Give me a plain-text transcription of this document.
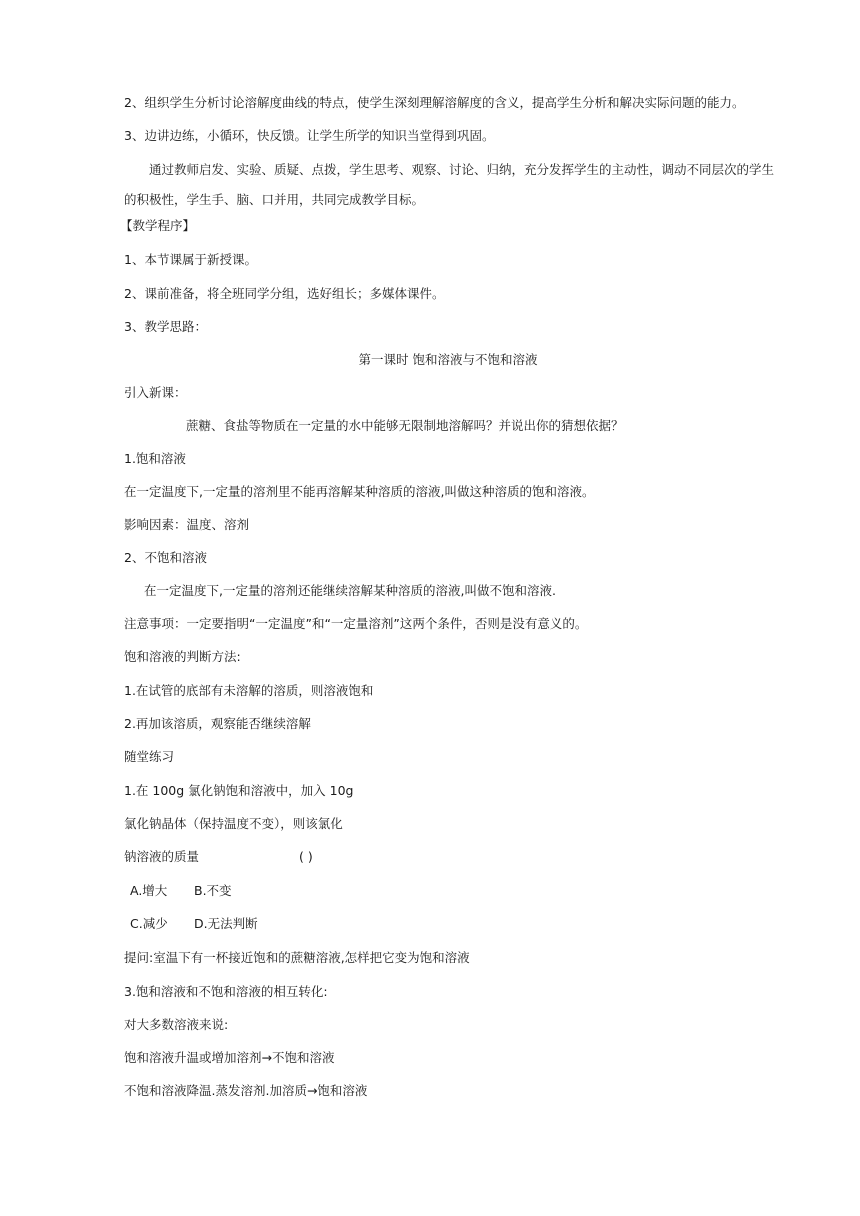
2、组织学生分析讨论溶解度曲线的特点，使学生深刻理解溶解度的含义，提高学生分析和解决实际问题的能力。

3、边讲边练，小循环，快反馈。让学生所学的知识当堂得到巩固。

通过教师启发、实验、质疑、点拨，学生思考、观察、讨论、归纳，充分发挥学生的主动性，调动不同层次的学生的积极性，学生手、脑、口并用，共同完成教学目标。

【教学程序】

1、本节课属于新授课。

2、课前准备，将全班同学分组，选好组长；多媒体课件。

3、教学思路：

第一课时 饱和溶液与不饱和溶液

引入新课：

蔗糖、食盐等物质在一定量的水中能够无限制地溶解吗？并说出你的猜想依据？

1.饱和溶液

在一定温度下,一定量的溶剂里不能再溶解某种溶质的溶液,叫做这种溶质的饱和溶液。

影响因素：温度、溶剂

2、不饱和溶液

在一定温度下,一定量的溶剂还能继续溶解某种溶质的溶液,叫做不饱和溶液.

注意事项：一定要指明“一定温度”和“一定量溶剂”这两个条件，否则是没有意义的。

饱和溶液的判断方法:

1.在试管的底部有未溶解的溶质，则溶液饱和

2.再加该溶质，观察能否继续溶解

随堂练习

1.在 100g 氯化钠饱和溶液中，加入 10g

氯化钠晶体（保持温度不变），则该氯化

钠溶液的质量	( )

A.增大 B.不变

C.减少 D.无法判断

提问:室温下有一杯接近饱和的蔗糖溶液,怎样把它变为饱和溶液

3.饱和溶液和不饱和溶液的相互转化:

对大多数溶液来说:

饱和溶液升温或增加溶剂→不饱和溶液

不饱和溶液降温.蒸发溶剂.加溶质→饱和溶液
